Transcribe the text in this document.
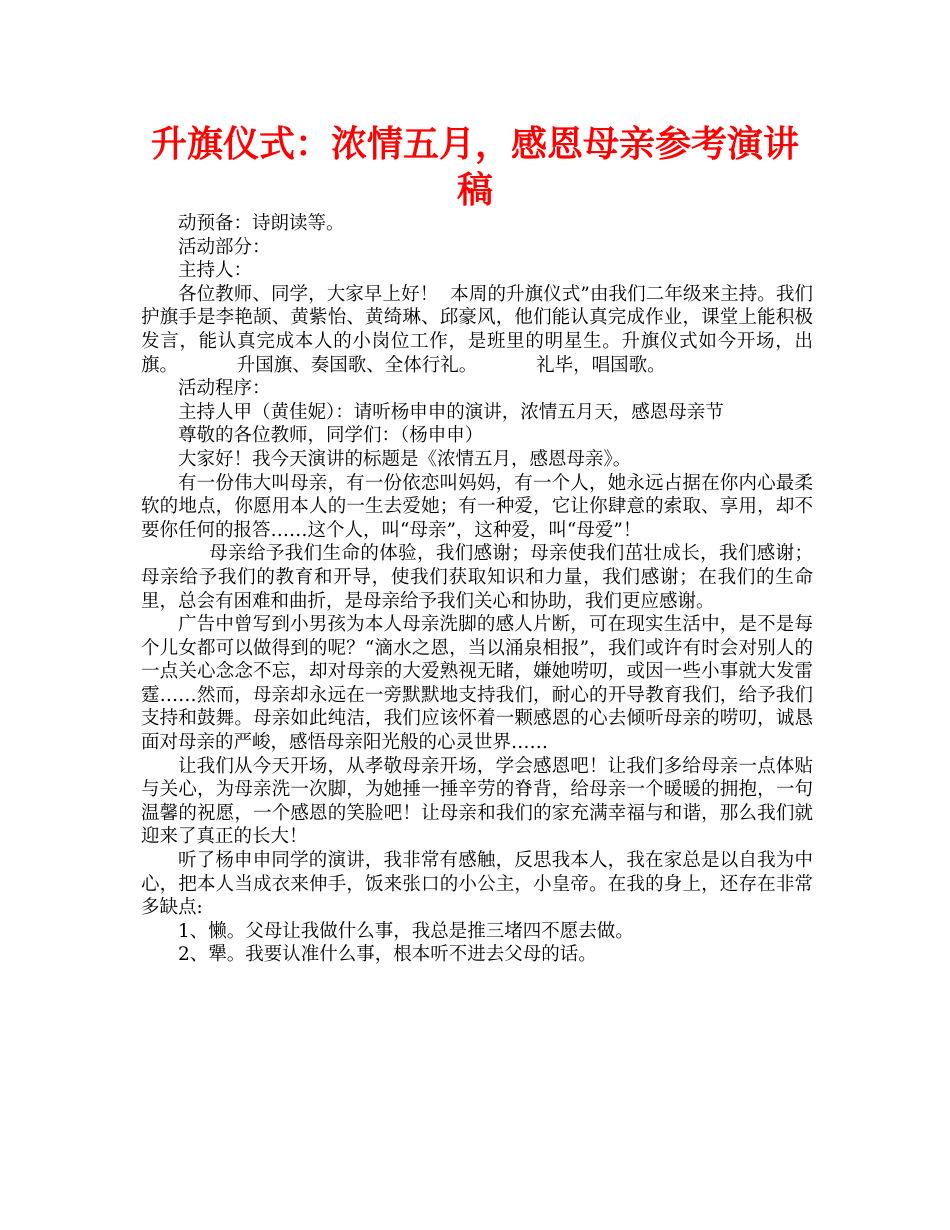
升旗仪式：浓情五月，感恩母亲参考演讲稿

动预备：诗朗读等。

活动部分：

主持人：

各位教师、同学，大家早上好！  本周的升旗仪式”由我们二年级来主持。我们护旗手是李艳颉、黄紫怡、黄绮琳、邱豪风，他们能认真完成作业，课堂上能积极发言，能认真完成本人的小岗位工作，是班里的明星生。升旗仪式如今开场，出旗。          升国旗、奏国歌、全体行礼。          礼毕，唱国歌。

活动程序：

主持人甲（黄佳妮）：请听杨申申的演讲，浓情五月天，感恩母亲节

尊敬的各位教师，同学们：（杨申申）

大家好！我今天演讲的标题是《浓情五月，感恩母亲》。

有一份伟大叫母亲，有一份依恋叫妈妈，有一个人，她永远占据在你内心最柔软的地点，你愿用本人的一生去爱她；有一种爱，它让你肆意的索取、享用，却不要你任何的报答……这个人，叫“母亲”，这种爱，叫“母爱”！

母亲给予我们生命的体验，我们感谢；母亲使我们茁壮成长，我们感谢；母亲给予我们的教育和开导，使我们获取知识和力量，我们感谢；在我们的生命里，总会有困难和曲折，是母亲给予我们关心和协助，我们更应感谢。

广告中曾写到小男孩为本人母亲洗脚的感人片断，可在现实生活中，是不是每个儿女都可以做得到的呢？“滴水之恩，当以涌泉相报”，我们或许有时会对别人的一点关心念念不忘，却对母亲的大爱熟视无睹，嫌她唠叨，或因一些小事就大发雷霆……然而，母亲却永远在一旁默默地支持我们，耐心的开导教育我们，给予我们支持和鼓舞。母亲如此纯洁，我们应该怀着一颗感恩的心去倾听母亲的唠叨，诚恳面对母亲的严峻，感悟母亲阳光般的心灵世界……

让我们从今天开场，从孝敬母亲开场，学会感恩吧！让我们多给母亲一点体贴与关心，为母亲洗一次脚，为她捶一捶辛劳的脊背，给母亲一个暖暖的拥抱，一句温馨的祝愿，一个感恩的笑脸吧！让母亲和我们的家充满幸福与和谐，那么我们就迎来了真正的长大！

听了杨申申同学的演讲，我非常有感触，反思我本人，我在家总是以自我为中心，把本人当成衣来伸手，饭来张口的小公主，小皇帝。在我的身上，还存在非常多缺点:

1、懒。父母让我做什么事，我总是推三堵四不愿去做。

2、犟。我要认准什么事，根本听不进去父母的话。
